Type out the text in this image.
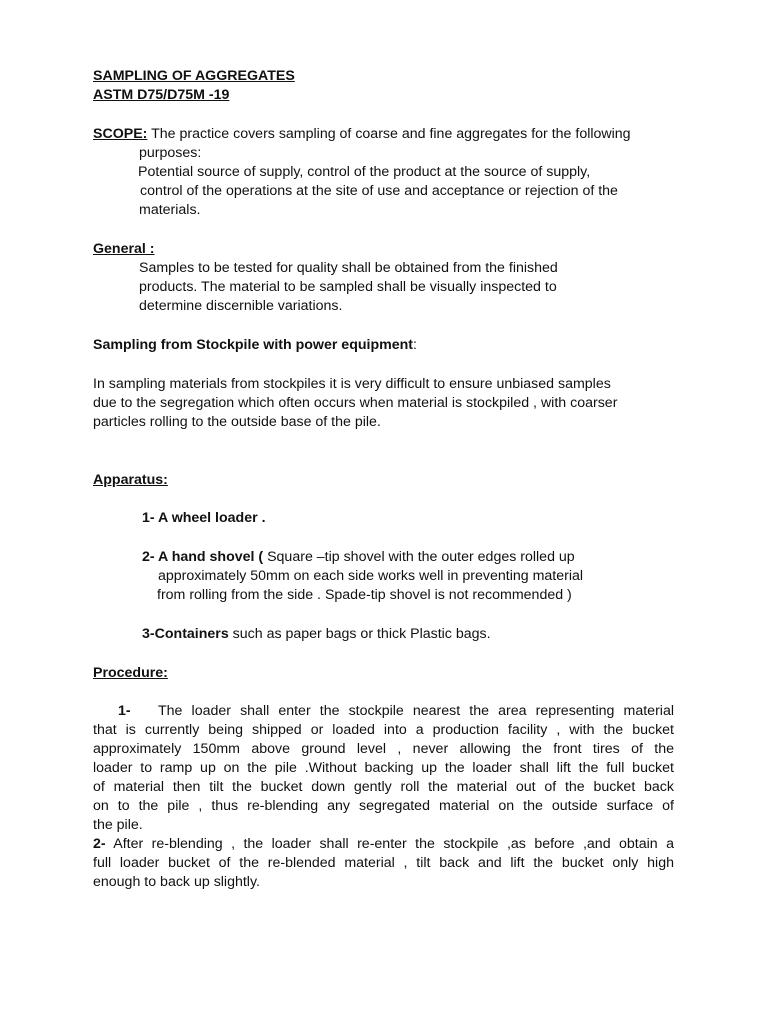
SAMPLING OF AGGREGATES
ASTM D75/D75M -19
SCOPE: The practice covers sampling of coarse and fine aggregates for the following
purposes:
Potential source of supply, control of the product at the source of supply,
control of the operations at the site of use and acceptance or rejection of the
materials.
General :
Samples to be tested for quality shall be obtained from the finished
products. The material to be sampled shall be visually inspected to
determine discernible variations.
Sampling from Stockpile with power equipment:
In sampling materials from stockpiles it is very difficult to ensure unbiased samples
due to the segregation which often occurs when material is stockpiled , with coarser
particles rolling to the outside base of the pile.
Apparatus:
1- A wheel loader .
2- A hand shovel ( Square –tip shovel with the outer edges rolled up
approximately 50mm on each side works well in preventing material
from rolling from the side . Spade-tip shovel is not recommended )
3-Containers such as paper bags or thick Plastic bags.
Procedure:
1- The loader shall enter the stockpile nearest the area representing material
that is currently being shipped or loaded into a production facility , with the bucket
approximately 150mm above ground level , never allowing the front tires of the
loader to ramp up on the pile .Without backing up the loader shall lift the full bucket
of material then tilt the bucket down gently roll the material out of the bucket back
on to the pile , thus re-blending any segregated material on the outside surface of
the pile.
2- After re-blending , the loader shall re-enter the stockpile ,as before ,and obtain a
full loader bucket of the re-blended material , tilt back and lift the bucket only high
enough to back up slightly.
